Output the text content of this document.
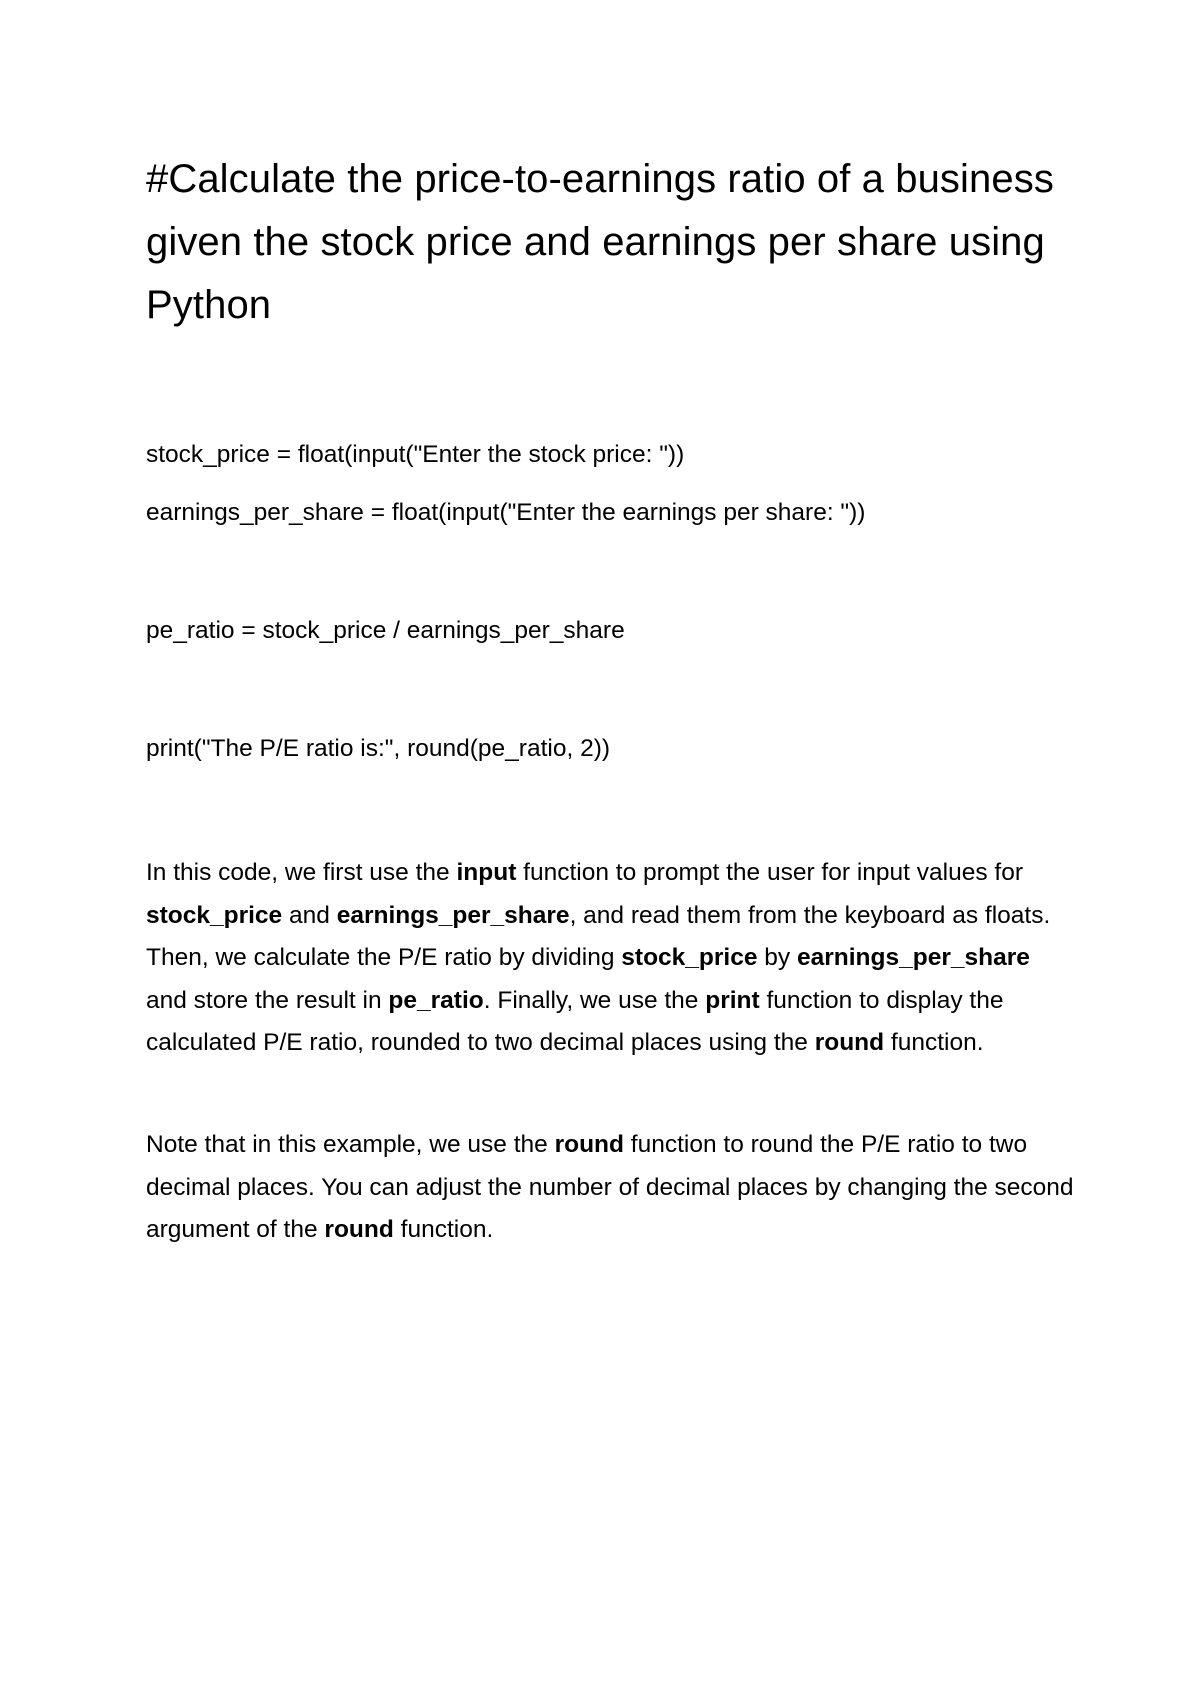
#Calculate the price-to-earnings ratio of a business given the stock price and earnings per share using Python

stock_price = float(input("Enter the stock price: "))

earnings_per_share = float(input("Enter the earnings per share: "))

pe_ratio = stock_price / earnings_per_share

print("The P/E ratio is:", round(pe_ratio, 2))

In this code, we first use the input function to prompt the user for input values for stock_price and earnings_per_share, and read them from the keyboard as floats. Then, we calculate the P/E ratio by dividing stock_price by earnings_per_share and store the result in pe_ratio. Finally, we use the print function to display the calculated P/E ratio, rounded to two decimal places using the round function.

Note that in this example, we use the round function to round the P/E ratio to two decimal places. You can adjust the number of decimal places by changing the second argument of the round function.
